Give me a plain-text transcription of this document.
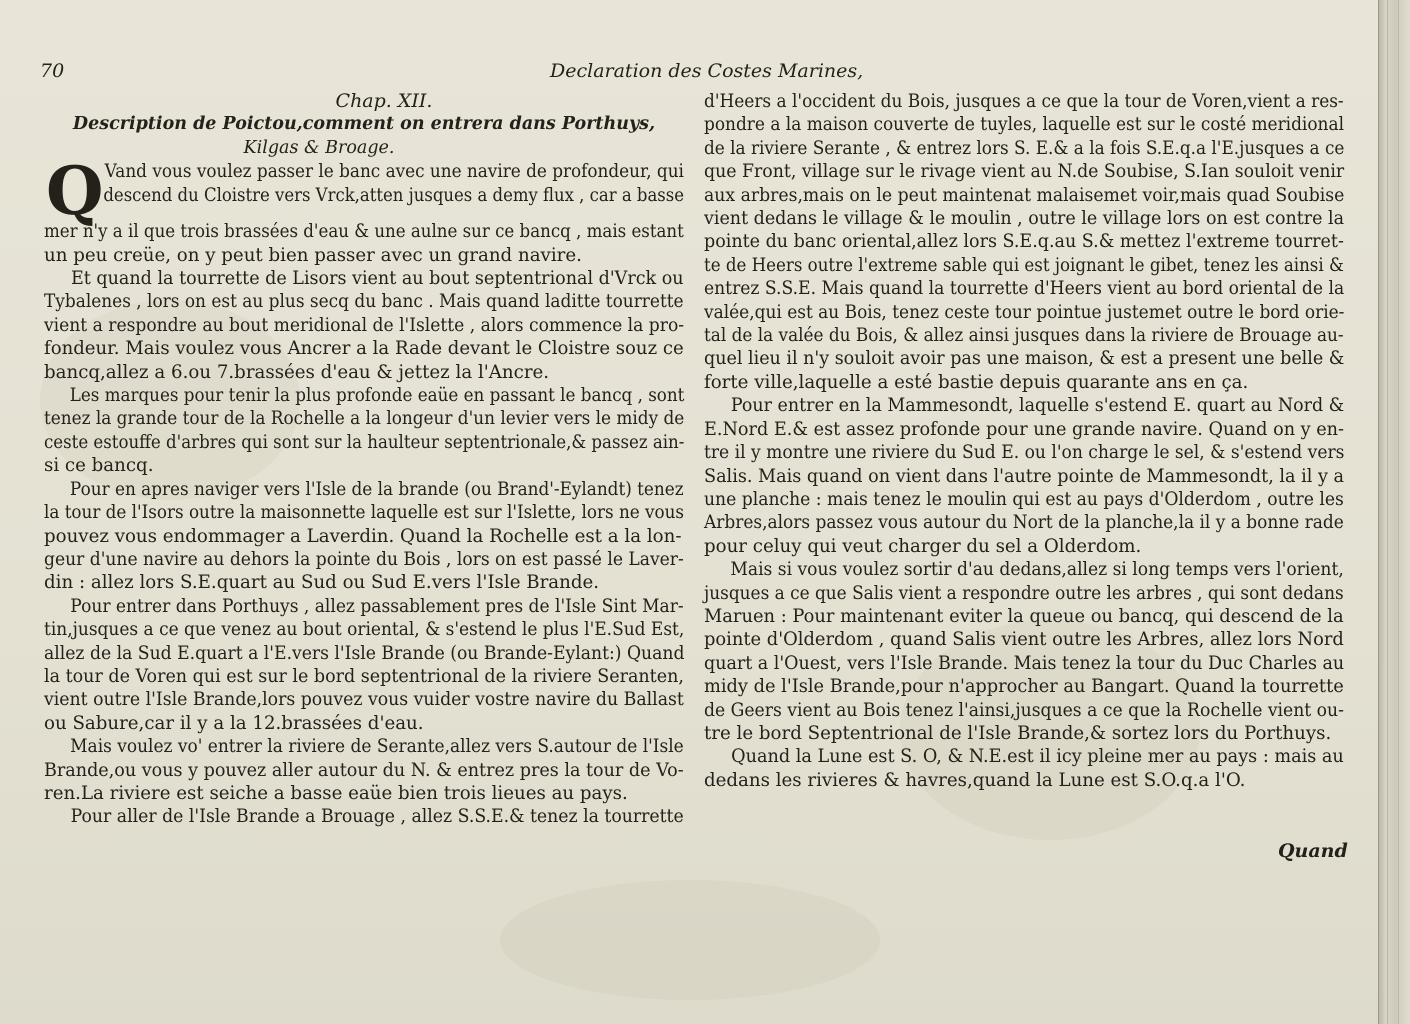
70	Declaration des Costes Marines,
Chap. XII.
Description de Poictou,comment on entrera dans Porthuys,
Kilgas & Broage.
Q Vand vous voulez passer le banc avec une navire de profondeur, qui

descend du Cloistre vers Vrck,atten jusques a demy flux , car a basse

mer n'y a il que trois brassées d'eau & une aulne sur ce bancq , mais estant

un peu creüe, on y peut bien passer avec un grand navire.

Et quand la tourrette de Lisors vient au bout septentrional d'Vrck ou

Tybalenes , lors on est au plus secq du banc . Mais quand laditte tourrette

vient a respondre au bout meridional de l'Islette , alors commence la pro-

fondeur. Mais voulez vous Ancrer a la Rade devant le Cloistre souz ce

bancq,allez a 6.ou 7.brassées d'eau & jettez la l'Ancre.

Les marques pour tenir la plus profonde eaüe en passant le bancq , sont

tenez la grande tour de la Rochelle a la longeur d'un levier vers le midy de

ceste estouffe d'arbres qui sont sur la haulteur septentrionale,& passez ain-

si ce bancq.

Pour en apres naviger vers l'Isle de la brande (ou Brand'-Eylandt) tenez

la tour de l'Isors outre la maisonnette laquelle est sur l'Islette, lors ne vous

pouvez vous endommager a Laverdin. Quand la Rochelle est a la lon-

geur d'une navire au dehors la pointe du Bois , lors on est passé le Laver-

din : allez lors S.E.quart au Sud ou Sud E.vers l'Isle Brande.

Pour entrer dans Porthuys , allez passablement pres de l'Isle Sint Mar-

tin,jusques a ce que venez au bout oriental, & s'estend le plus l'E.Sud Est,

allez de la Sud E.quart a l'E.vers l'Isle Brande (ou Brande-Eylant:) Quand

la tour de Voren qui est sur le bord septentrional de la riviere Seranten,

vient outre l'Isle Brande,lors pouvez vous vuider vostre navire du Ballast

ou Sabure,car il y a la 12.brassées d'eau.

Mais voulez vo' entrer la riviere de Serante,allez vers S.autour de l'Isle

Brande,ou vous y pouvez aller autour du N. & entrez pres la tour de Vo-

ren.La riviere est seiche a basse eaüe bien trois lieues au pays.

Pour aller de l'Isle Brande a Brouage , allez S.S.E.& tenez la tourrette

d'Heers a l'occident du Bois, jusques a ce que la tour de Voren,vient a res-

pondre a la maison couverte de tuyles, laquelle est sur le costé meridional

de la riviere Serante , & entrez lors S. E.& a la fois S.E.q.a l'E.jusques a ce

que Front, village sur le rivage vient au N.de Soubise, S.Ian souloit venir

aux arbres,mais on le peut maintenat malaisemet voir,mais quad Soubise

vient dedans le village & le moulin , outre le village lors on est contre la

pointe du banc oriental,allez lors S.E.q.au S.& mettez l'extreme tourret-

te de Heers outre l'extreme sable qui est joignant le gibet, tenez les ainsi &

entrez S.S.E. Mais quand la tourrette d'Heers vient au bord oriental de la

valée,qui est au Bois, tenez ceste tour pointue justemet outre le bord orie-

tal de la valée du Bois, & allez ainsi jusques dans la riviere de Brouage au-

quel lieu il n'y souloit avoir pas une maison, & est a present une belle &

forte ville,laquelle a esté bastie depuis quarante ans en ça.

Pour entrer en la Mammesondt, laquelle s'estend E. quart au Nord &

E.Nord E.& est assez profonde pour une grande navire. Quand on y en-

tre il y montre une riviere du Sud E. ou l'on charge le sel, & s'estend vers

Salis. Mais quand on vient dans l'autre pointe de Mammesondt, la il y a

une planche : mais tenez le moulin qui est au pays d'Olderdom , outre les

Arbres,alors passez vous autour du Nort de la planche,la il y a bonne rade

pour celuy qui veut charger du sel a Olderdom.

Mais si vous voulez sortir d'au dedans,allez si long temps vers l'orient,

jusques a ce que Salis vient a respondre outre les arbres , qui sont dedans

Maruen : Pour maintenant eviter la queue ou bancq, qui descend de la

pointe d'Olderdom , quand Salis vient outre les Arbres, allez lors Nord

quart a l'Ouest, vers l'Isle Brande. Mais tenez la tour du Duc Charles au

midy de l'Isle Brande,pour n'approcher au Bangart. Quand la tourrette

de Geers vient au Bois tenez l'ainsi,jusques a ce que la Rochelle vient ou-

tre le bord Septentrional de l'Isle Brande,& sortez lors du Porthuys.

Quand la Lune est S. O, & N.E.est il icy pleine mer au pays : mais au

dedans les rivieres & havres,quand la Lune est S.O.q.a l'O.

Quand
